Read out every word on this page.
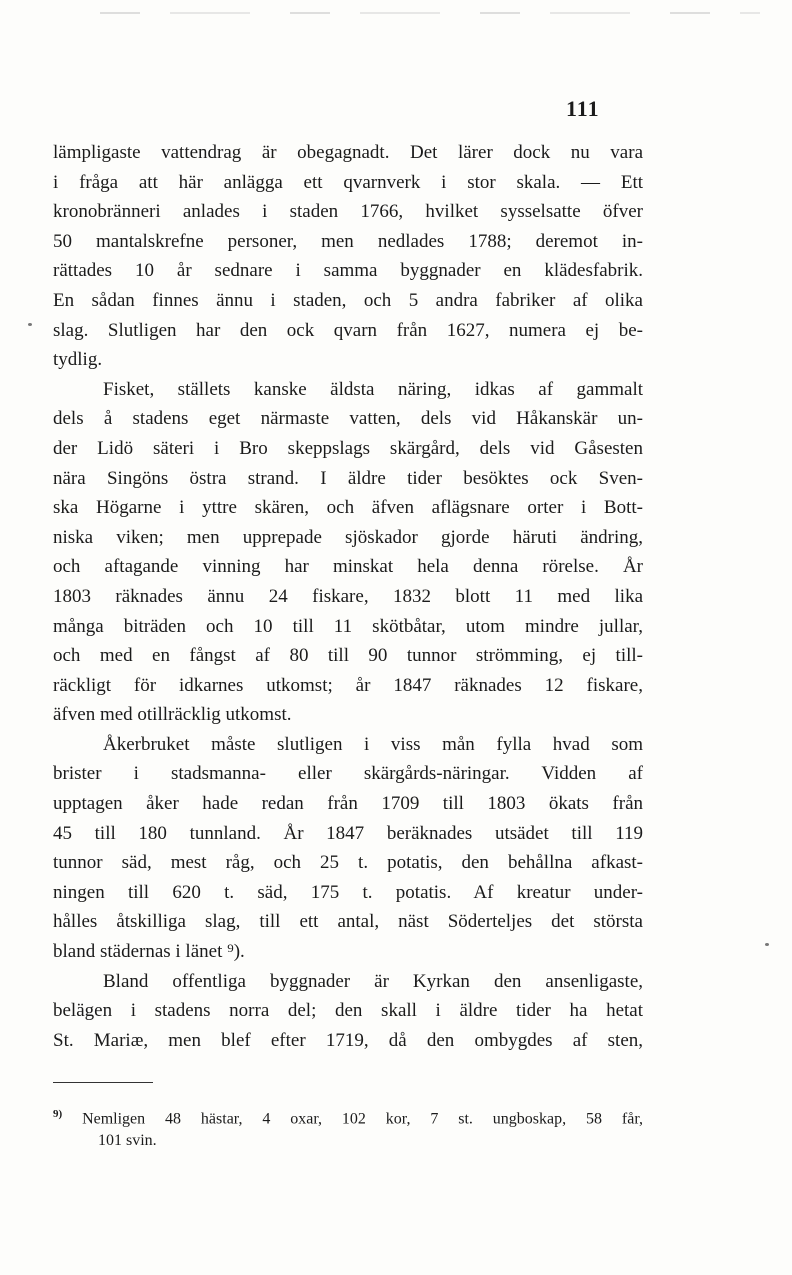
111
lämpligaste vattendrag är obegagnadt. Det lärer dock nu vara
i fråga att här anlägga ett qvarnverk i stor skala. — Ett
kronobränneri anlades i staden 1766, hvilket sysselsatte öfver
50 mantalskrefne personer, men nedlades 1788; deremot in-
rättades 10 år sednare i samma byggnader en klädesfabrik.
En sådan finnes ännu i staden, och 5 andra fabriker af olika
slag. Slutligen har den ock qvarn från 1627, numera ej be-
tydlig.
Fisket, ställets kanske äldsta näring, idkas af gammalt
dels å stadens eget närmaste vatten, dels vid Håkanskär un-
der Lidö säteri i Bro skeppslags skärgård, dels vid Gåsesten
nära Singöns östra strand. I äldre tider besöktes ock Sven-
ska Högarne i yttre skären, och äfven aflägsnare orter i Bott-
niska viken; men upprepade sjöskador gjorde häruti ändring,
och aftagande vinning har minskat hela denna rörelse. År
1803 räknades ännu 24 fiskare, 1832 blott 11 med lika
många biträden och 10 till 11 skötbåtar, utom mindre jullar,
och med en fångst af 80 till 90 tunnor strömming, ej till-
räckligt för idkarnes utkomst; år 1847 räknades 12 fiskare,
äfven med otillräcklig utkomst.
Åkerbruket måste slutligen i viss mån fylla hvad som
brister i stadsmanna- eller skärgårds-näringar. Vidden af
upptagen åker hade redan från 1709 till 1803 ökats från
45 till 180 tunnland. År 1847 beräknades utsädet till 119
tunnor säd, mest råg, och 25 t. potatis, den behållna afkast-
ningen till 620 t. säd, 175 t. potatis. Af kreatur under-
hålles åtskilliga slag, till ett antal, näst Söderteljes det största
bland städernas i länet ⁹).
Bland offentliga byggnader är Kyrkan den ansenligaste,
belägen i stadens norra del; den skall i äldre tider ha hetat
St. Mariæ, men blef efter 1719, då den ombygdes af sten,
$^{9)}$ Nemligen 48 hästar, 4 oxar, 102 kor, 7 st. ungboskap, 58 får,
101 svin.
